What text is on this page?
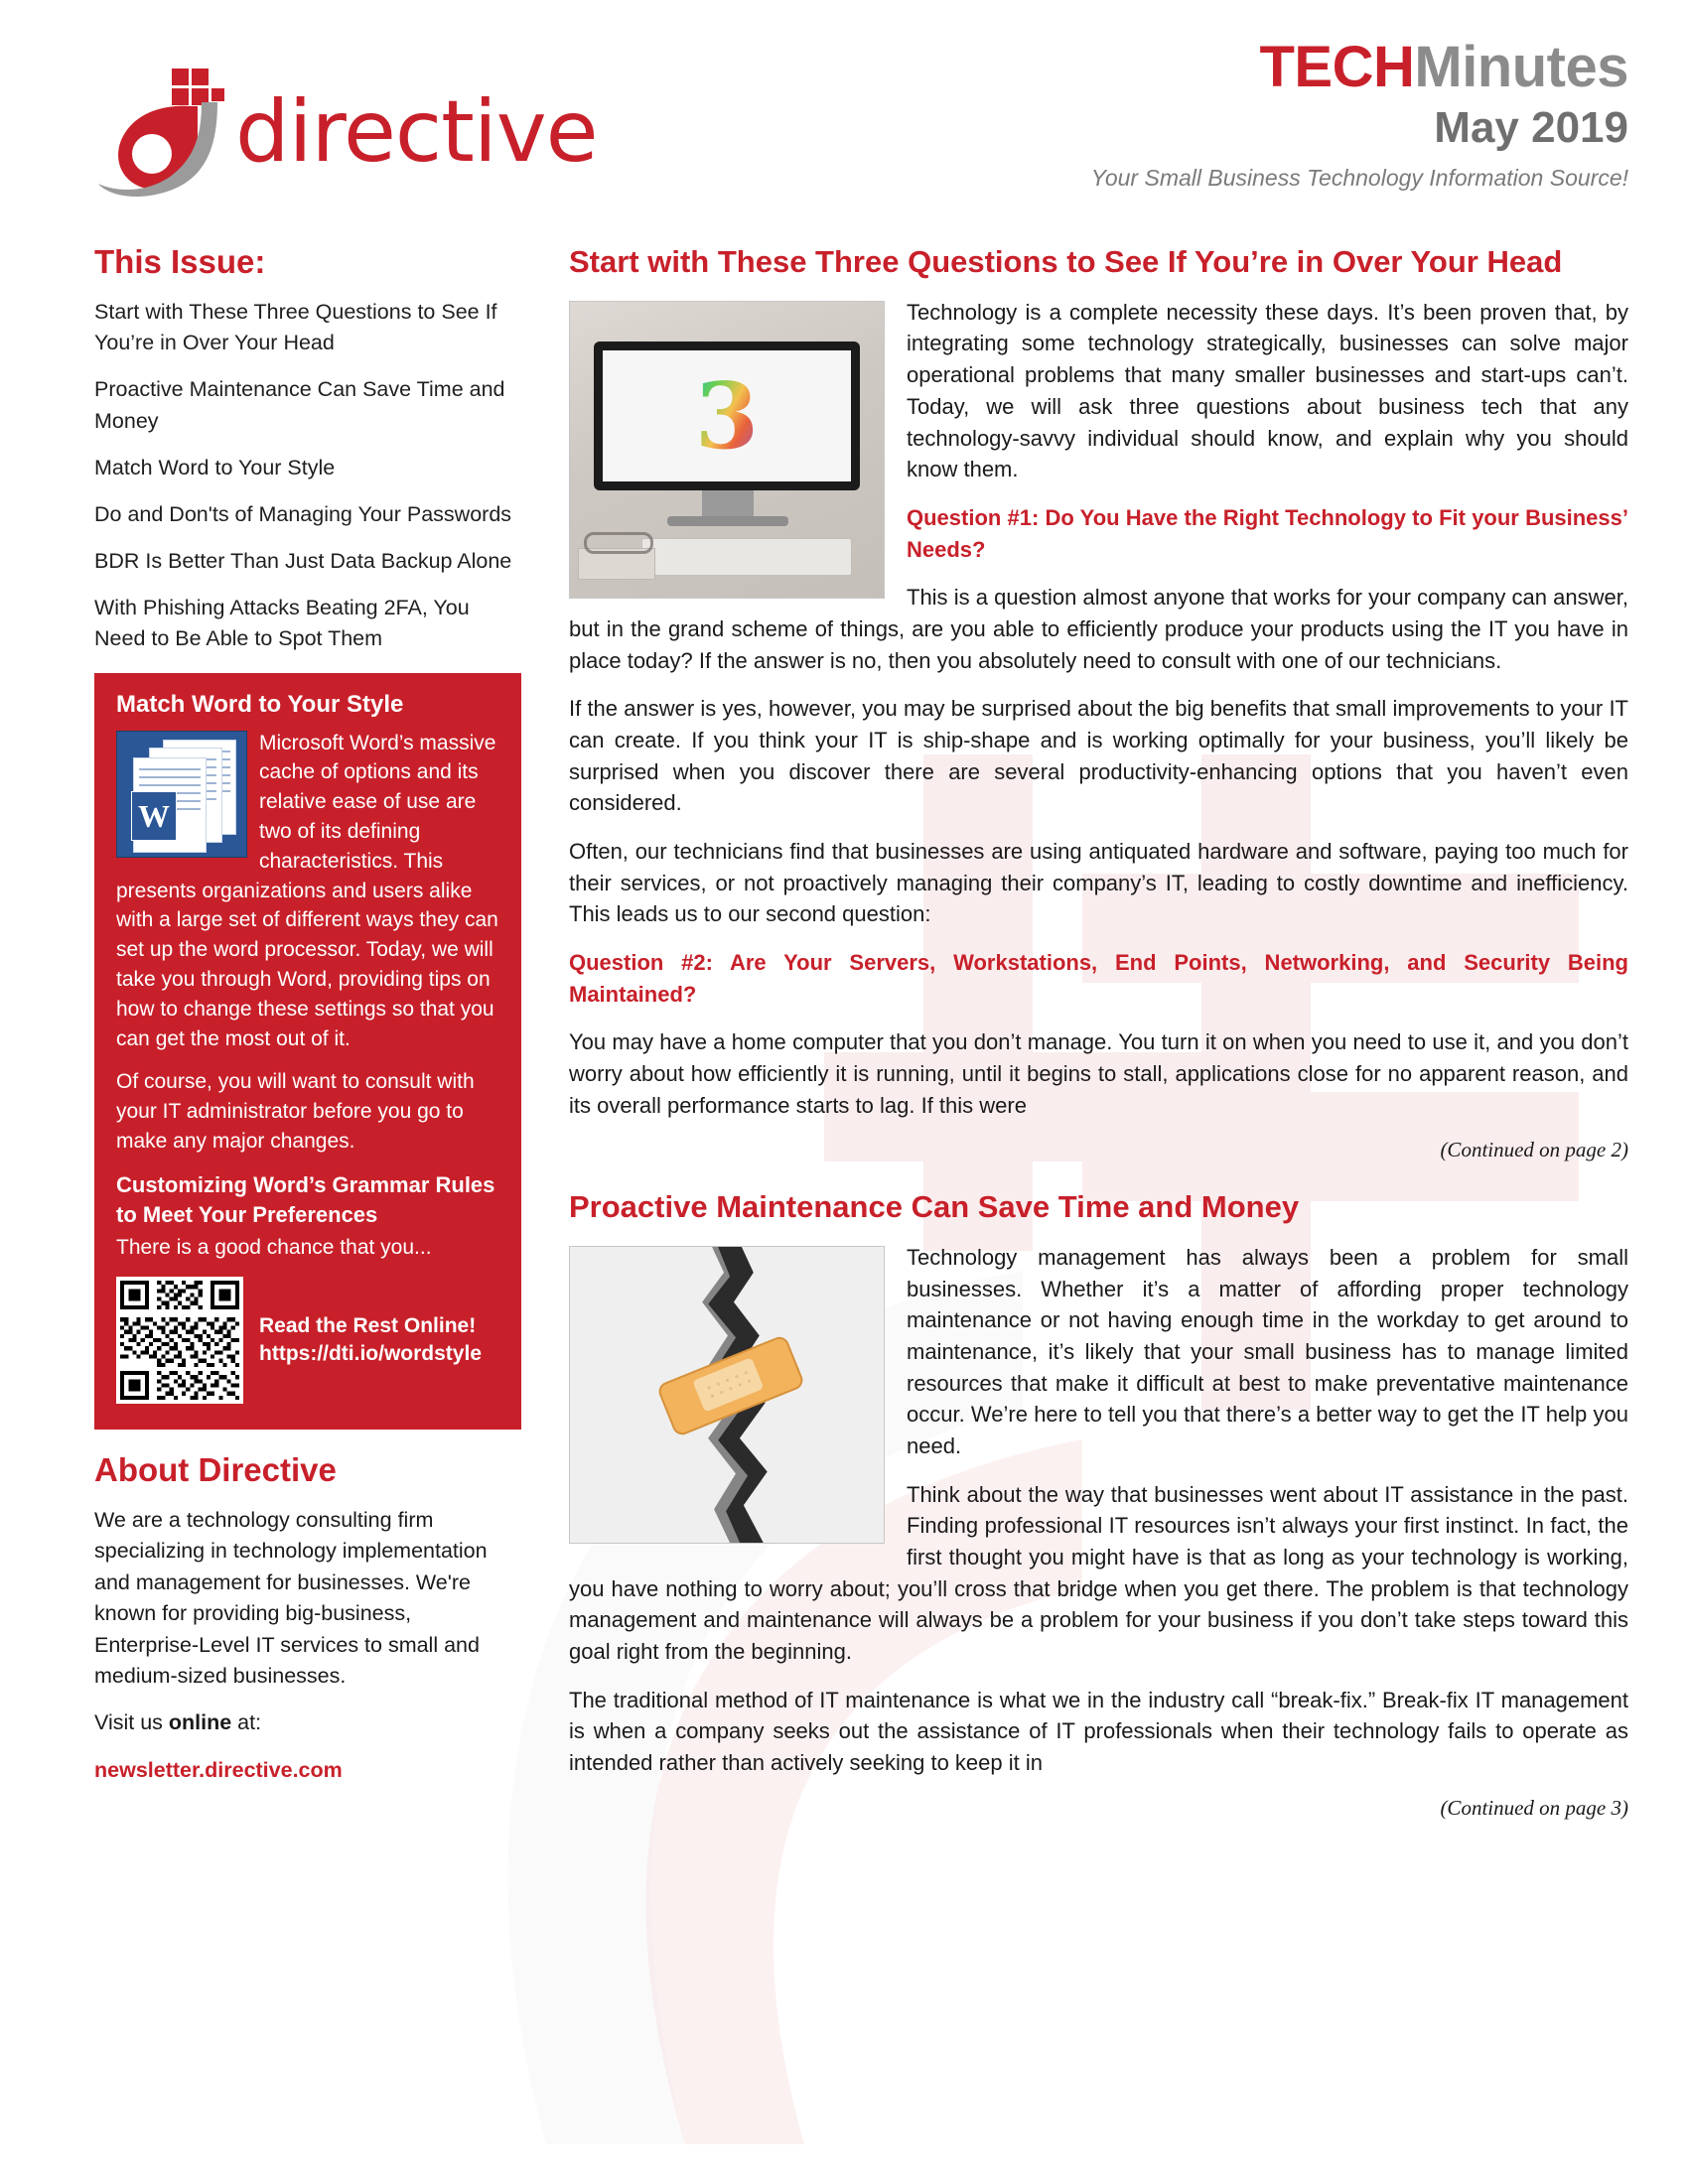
directive
TECHMinutes
May 2019
Your Small Business Technology Information Source!
This Issue:
Start with These Three Questions to See If You’re in Over Your Head
Proactive Maintenance Can Save Time and Money
Match Word to Your Style
Do and Don'ts of Managing Your Passwords
BDR Is Better Than Just Data Backup Alone
With Phishing Attacks Beating 2FA, You Need to Be Able to Spot Them
Match Word to Your Style
W

Microsoft Word’s massive cache of options and its relative ease of use are two of its defining characteristics. This presents organizations and users alike with a large set of different ways they can set up the word processor. Today, we will take you through Word, providing tips on how to change these settings so that you can get the most out of it.

Of course, you will want to consult with your IT administrator before you go to make any major changes.

Customizing Word’s Grammar Rules to Meet Your Preferences

There is a good chance that you...

Read the Rest Online!
https://dti.io/wordstyle
About Directive

We are a technology consulting firm specializing in technology implementation and management for businesses. We're known for providing big-business, Enterprise-Level IT services to small and medium-sized businesses.

Visit us online at:

newsletter.directive.com

Start with These Three Questions to See If You’re in Over Your Head
3

Technology is a complete necessity these days. It’s been proven that, by integrating some technology strategically, businesses can solve major operational problems that many smaller businesses and start-ups can’t. Today, we will ask three questions about business tech that any technology-savvy individual should know, and explain why you should know them.

Question #1: Do You Have the Right Technology to Fit your Business’ Needs?

This is a question almost anyone that works for your company can answer, but in the grand scheme of things, are you able to efficiently produce your products using the IT you have in place today? If the answer is no, then you absolutely need to consult with one of our technicians.

If the answer is yes, however, you may be surprised about the big benefits that small improvements to your IT can create. If you think your IT is ship-shape and is working optimally for your business, you’ll likely be surprised when you discover there are several productivity-enhancing options that you haven’t even considered.

Often, our technicians find that businesses are using antiquated hardware and software, paying too much for their services, or not proactively managing their company’s IT, leading to costly downtime and inefficiency. This leads us to our second question:

Question #2: Are Your Servers, Workstations, End Points, Networking, and Security Being Maintained?

You may have a home computer that you don’t manage. You turn it on when you need to use it, and you don’t worry about how efficiently it is running, until it begins to stall, applications close for no apparent reason, and its overall performance starts to lag. If this were

(Continued on page 2)
Proactive Maintenance Can Save Time and Money

Technology management has always been a problem for small businesses. Whether it’s a matter of affording proper technology maintenance or not having enough time in the workday to get around to maintenance, it’s likely that your small business has to manage limited resources that make it difficult at best to make preventative maintenance occur. We’re here to tell you that there’s a better way to get the IT help you need.

Think about the way that businesses went about IT assistance in the past. Finding professional IT resources isn’t always your first instinct. In fact, the first thought you might have is that as long as your technology is working, you have nothing to worry about; you’ll cross that bridge when you get there. The problem is that technology management and maintenance will always be a problem for your business if you don’t take steps toward this goal right from the beginning.

The traditional method of IT maintenance is what we in the industry call “break-fix.” Break-fix IT management is when a company seeks out the assistance of IT professionals when their technology fails to operate as intended rather than actively seeking to keep it in

(Continued on page 3)
